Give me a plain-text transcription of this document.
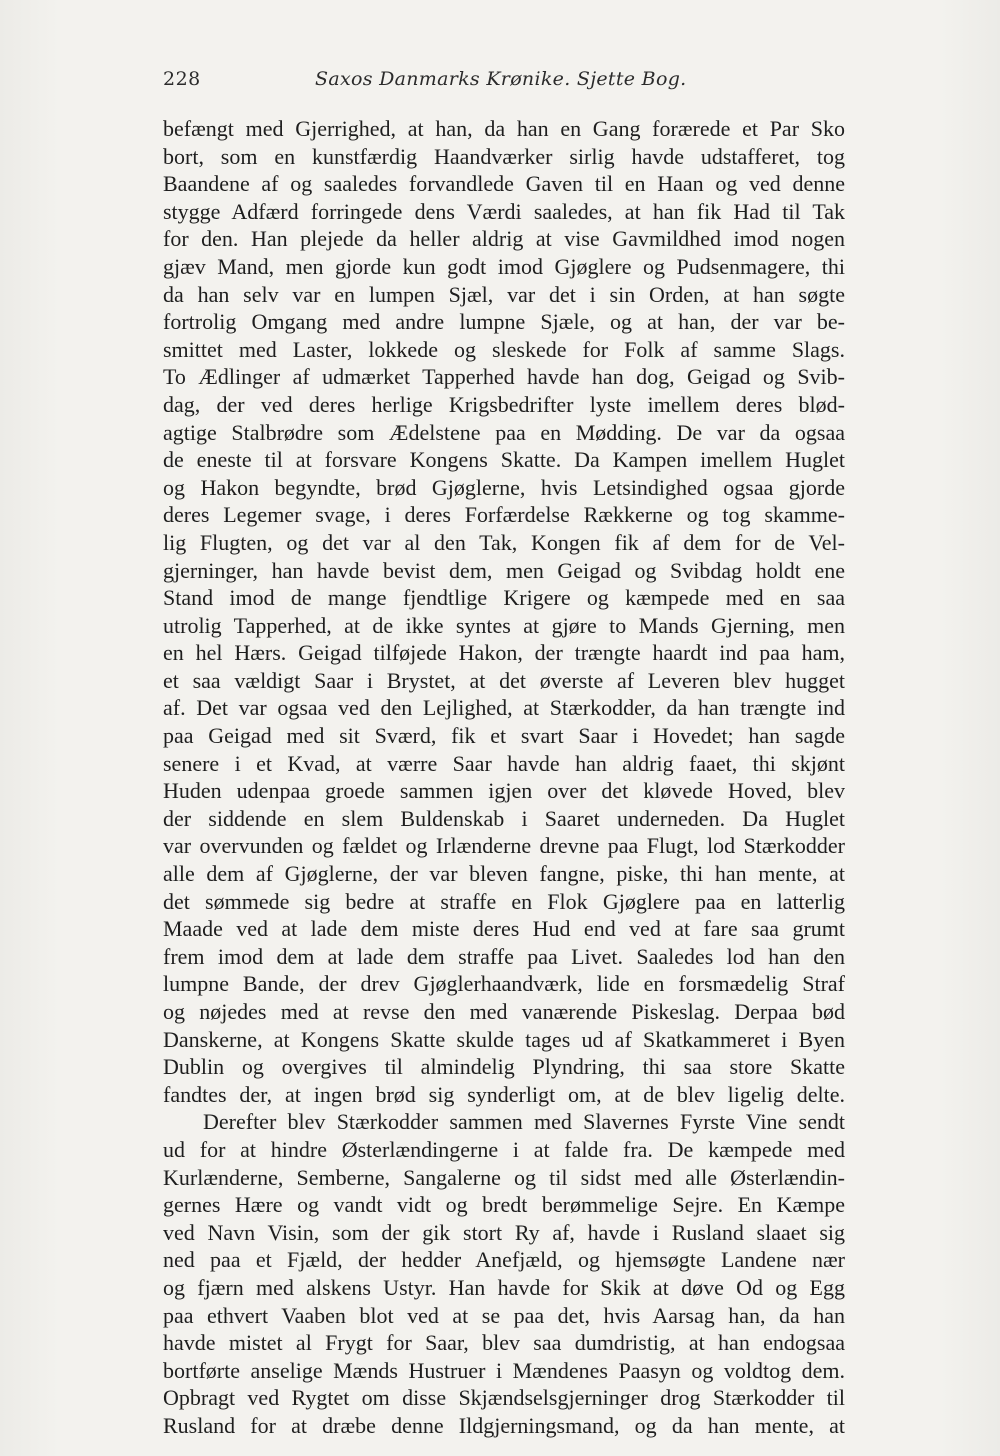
228	Saxos Danmarks Krønike. Sjette Bog.
befængt med Gjerrighed, at han, da han en Gang forærede et Par Sko
bort, som en kunstfærdig Haandværker sirlig havde udstafferet, tog
Baandene af og saaledes forvandlede Gaven til en Haan og ved denne
stygge Adfærd forringede dens Værdi saaledes, at han fik Had til Tak
for den. Han plejede da heller aldrig at vise Gavmildhed imod nogen
gjæv Mand, men gjorde kun godt imod Gjøglere og Pudsenmagere, thi
da han selv var en lumpen Sjæl, var det i sin Orden, at han søgte
fortrolig Omgang med andre lumpne Sjæle, og at han, der var be-
smittet med Laster, lokkede og sleskede for Folk af samme Slags.
To Ædlinger af udmærket Tapperhed havde han dog, Geigad og Svib-
dag, der ved deres herlige Krigsbedrifter lyste imellem deres blød-
agtige Stalbrødre som Ædelstene paa en Mødding. De var da ogsaa
de eneste til at forsvare Kongens Skatte. Da Kampen imellem Huglet
og Hakon begyndte, brød Gjøglerne, hvis Letsindighed ogsaa gjorde
deres Legemer svage, i deres Forfærdelse Rækkerne og tog skamme-
lig Flugten, og det var al den Tak, Kongen fik af dem for de Vel-
gjerninger, han havde bevist dem, men Geigad og Svibdag holdt ene
Stand imod de mange fjendtlige Krigere og kæmpede med en saa
utrolig Tapperhed, at de ikke syntes at gjøre to Mands Gjerning, men
en hel Hærs. Geigad tilføjede Hakon, der trængte haardt ind paa ham,
et saa vældigt Saar i Brystet, at det øverste af Leveren blev hugget
af. Det var ogsaa ved den Lejlighed, at Stærkodder, da han trængte ind
paa Geigad med sit Sværd, fik et svart Saar i Hovedet; han sagde
senere i et Kvad, at værre Saar havde han aldrig faaet, thi skjønt
Huden udenpaa groede sammen igjen over det kløvede Hoved, blev
der siddende en slem Buldenskab i Saaret underneden. Da Huglet
var overvunden og fældet og Irlænderne drevne paa Flugt, lod Stærkodder
alle dem af Gjøglerne, der var bleven fangne, piske, thi han mente, at
det sømmede sig bedre at straffe en Flok Gjøglere paa en latterlig
Maade ved at lade dem miste deres Hud end ved at fare saa grumt
frem imod dem at lade dem straffe paa Livet. Saaledes lod han den
lumpne Bande, der drev Gjøglerhaandværk, lide en forsmædelig Straf
og nøjedes med at revse den med vanærende Piskeslag. Derpaa bød
Danskerne, at Kongens Skatte skulde tages ud af Skatkammeret i Byen
Dublin og overgives til almindelig Plyndring, thi saa store Skatte
fandtes der, at ingen brød sig synderligt om, at de blev ligelig delte.
Derefter blev Stærkodder sammen med Slavernes Fyrste Vine sendt
ud for at hindre Østerlændingerne i at falde fra. De kæmpede med
Kurlænderne, Semberne, Sangalerne og til sidst med alle Østerlændin-
gernes Hære og vandt vidt og bredt berømmelige Sejre. En Kæmpe
ved Navn Visin, som der gik stort Ry af, havde i Rusland slaaet sig
ned paa et Fjæld, der hedder Anefjæld, og hjemsøgte Landene nær
og fjærn med alskens Ustyr. Han havde for Skik at døve Od og Egg
paa ethvert Vaaben blot ved at se paa det, hvis Aarsag han, da han
havde mistet al Frygt for Saar, blev saa dumdristig, at han endogsaa
bortførte anselige Mænds Hustruer i Mændenes Paasyn og voldtog dem.
Opbragt ved Rygtet om disse Skjændselsgjerninger drog Stærkodder til
Rusland for at dræbe denne Ildgjerningsmand, og da han mente, at
